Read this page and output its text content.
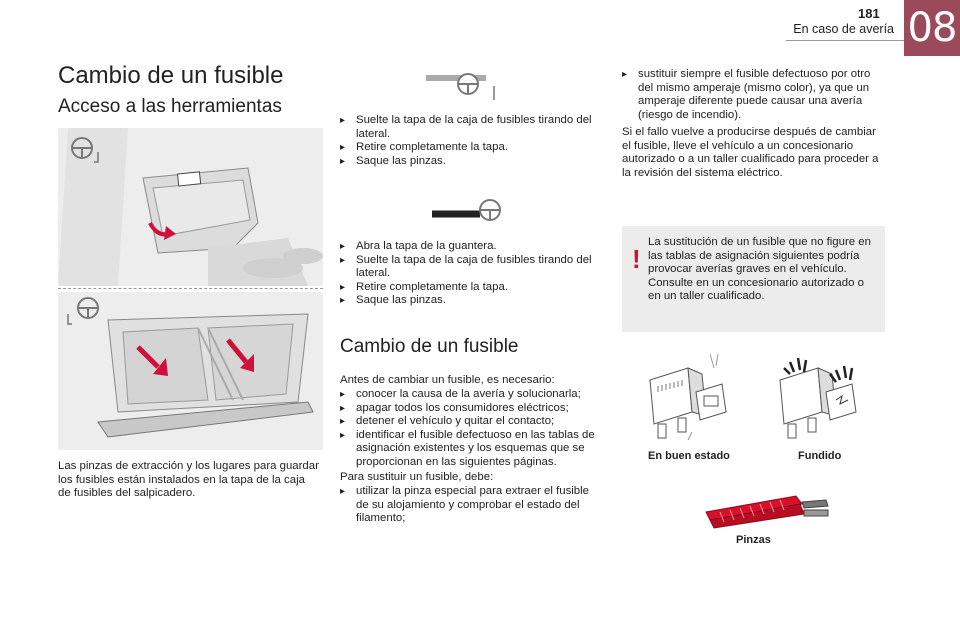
181
En caso de avería 08
Cambio de un fusible
Acceso a las herramientas
Las pinzas de extracción y los lugares para guardar los fusibles están instalados en la tapa de la caja de fusibles del salpicadero.
▸ Suelte la tapa de la caja de fusibles tirando del lateral.
▸ Retire completamente la tapa.
▸ Saque las pinzas.
▸ Abra la tapa de la guantera.
▸ Suelte la tapa de la caja de fusibles tirando del lateral.
▸ Retire completamente la tapa.
▸ Saque las pinzas.
Cambio de un fusible
Antes de cambiar un fusible, es necesario:
▸ conocer la causa de la avería y solucionarla;
▸ apagar todos los consumidores eléctricos;
▸ detener el vehículo y quitar el contacto;
▸ identificar el fusible defectuoso en las tablas de asignación existentes y los esquemas que se proporcionan en las siguientes páginas.
Para sustituir un fusible, debe:
▸ utilizar la pinza especial para extraer el fusible de su alojamiento y comprobar el estado del filamento;
▸ sustituir siempre el fusible defectuoso por otro del mismo amperaje (mismo color), ya que un amperaje diferente puede causar una avería (riesgo de incendio).
Si el fallo vuelve a producirse después de cambiar el fusible, lleve el vehículo a un concesionario autorizado o a un taller cualificado para proceder a la revisión del sistema eléctrico.
!
La sustitución de un fusible que no figure en las tablas de asignación siguientes podría provocar averías graves en el vehículo. Consulte en un concesionario autorizado o en un taller cualificado.
En buen estado	Fundido
Pinzas
